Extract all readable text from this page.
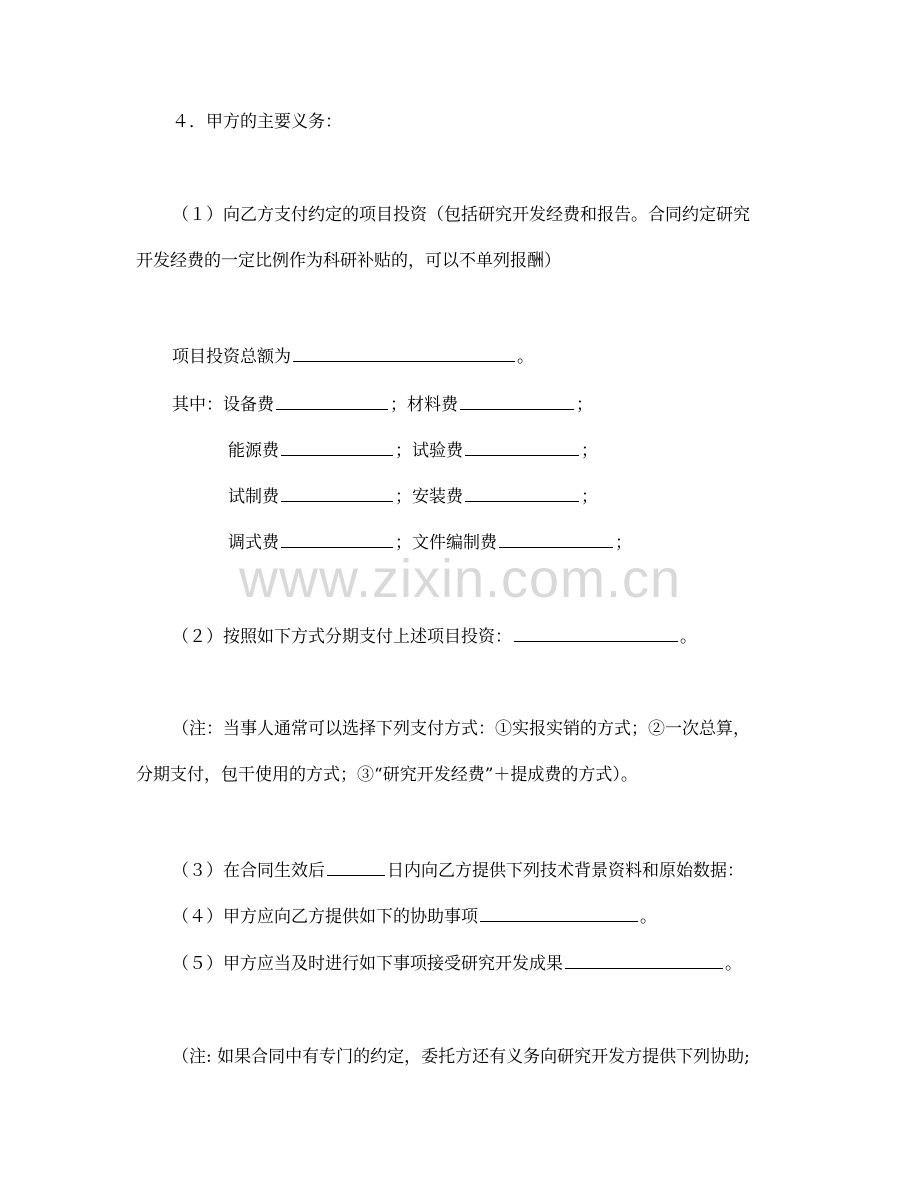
www.zixin.com.cn
４．甲方的主要义务：
（１）向乙方支付约定的项目投资（包括研究开发经费和报告。合同约定研究
开发经费的一定比例作为科研补贴的，可以不单列报酬）
项目投资总额为	。
其中：设备费	；材料费	；
能源费	；试验费	；
试制费	；安装费	；
调式费	；文件编制费	；
（２）按照如下方式分期支付上述项目投资：	。
（注：当事人通常可以选择下列支付方式：①实报实销的方式；②一次总算，
分期支付，包干使用的方式；③“研究开发经费”＋提成费的方式）。
（３）在合同生效后	日内向乙方提供下列技术背景资料和原始数据：
（４）甲方应向乙方提供如下的协助事项	。
（５）甲方应当及时进行如下事项接受研究开发成果	。
（注: 如果合同中有专门的约定，委托方还有义务向研究开发方提供下列协助;
